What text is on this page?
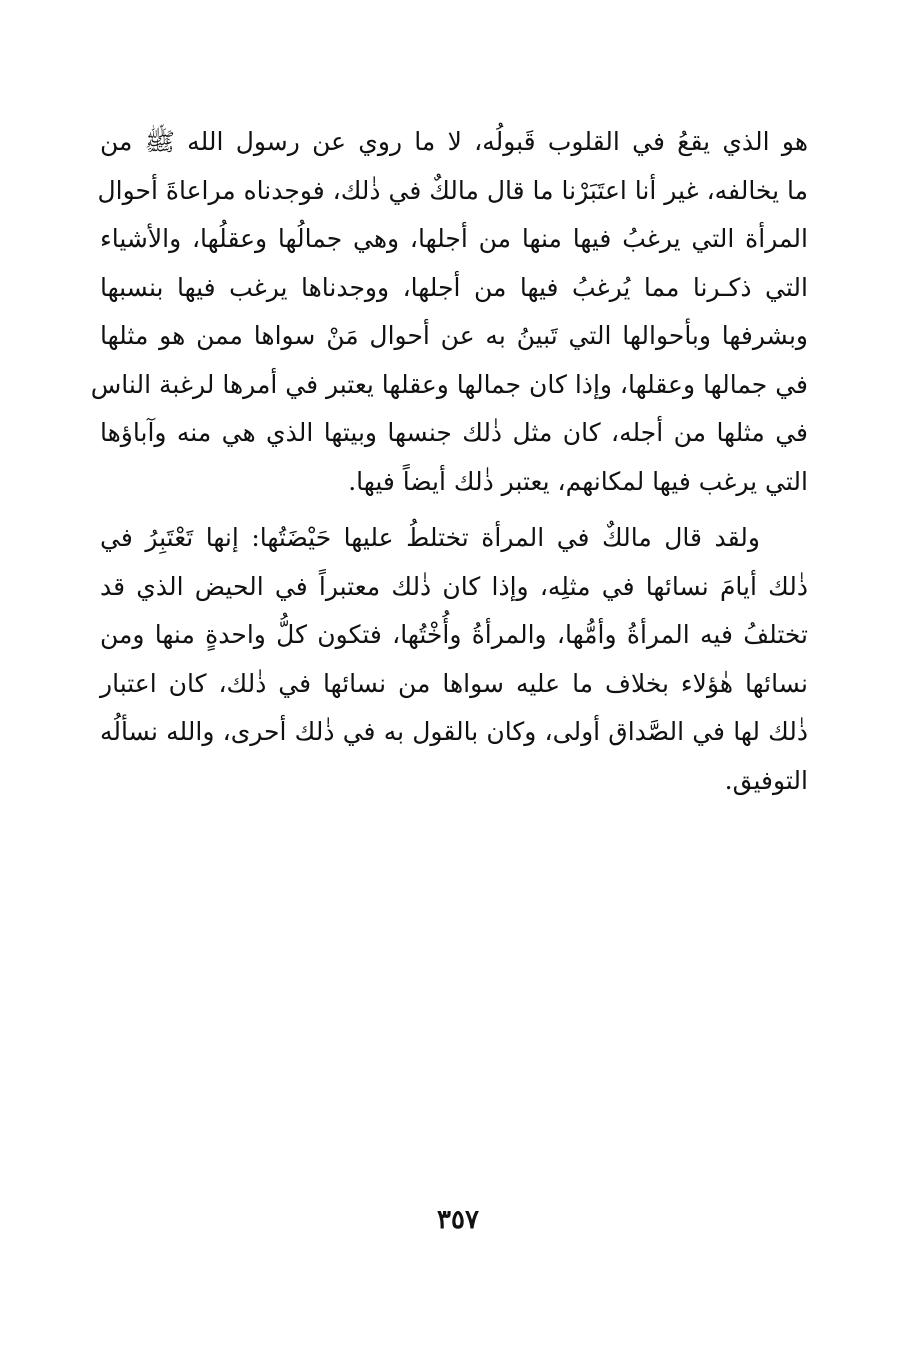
هو الذي يقعُ في القلوب قَبولُه، لا ما روي عن رسول الله ﷺ من
ما يخالفه، غير أنا اعتَبَرْنا ما قال مالكٌ في ذٰلك، فوجدناه مراعاةَ أحوال
المرأة التي يرغبُ فيها منها من أجلها، وهي جمالُها وعقلُها، والأشياء
التي ذكـرنا مما يُرغبُ فيها من أجلها، ووجدناها يرغب فيها بنسبها
وبشرفها وبأحوالها التي تَبينُ به عن أحوال مَنْ سواها ممن هو مثلها
في جمالها وعقلها، وإذا كان جمالها وعقلها يعتبر في أمرها لرغبة الناس
في مثلها من أجله، كان مثل ذٰلك جنسها وبيتها الذي هي منه وآباؤها
التي يرغب فيها لمكانهم، يعتبر ذٰلك أيضاً فيها.
ولقد قال مالكٌ في المرأة تختلطُ عليها حَيْضَتُها: إنها تَعْتَبِرُ في
ذٰلك أيامَ نسائها في مثلِه، وإذا كان ذٰلك معتبراً في الحيض الذي قد
تختلفُ فيه المرأةُ وأمُّها، والمرأةُ وأُخْتُها، فتكون كلُّ واحدةٍ منها ومن
نسائها هٰؤلاء بخلاف ما عليه سواها من نسائها في ذٰلك، كان اعتبار
ذٰلك لها في الصَّداق أولى، وكان بالقول به في ذٰلك أحرى، والله نسألُه
التوفيق.
٣٥٧
